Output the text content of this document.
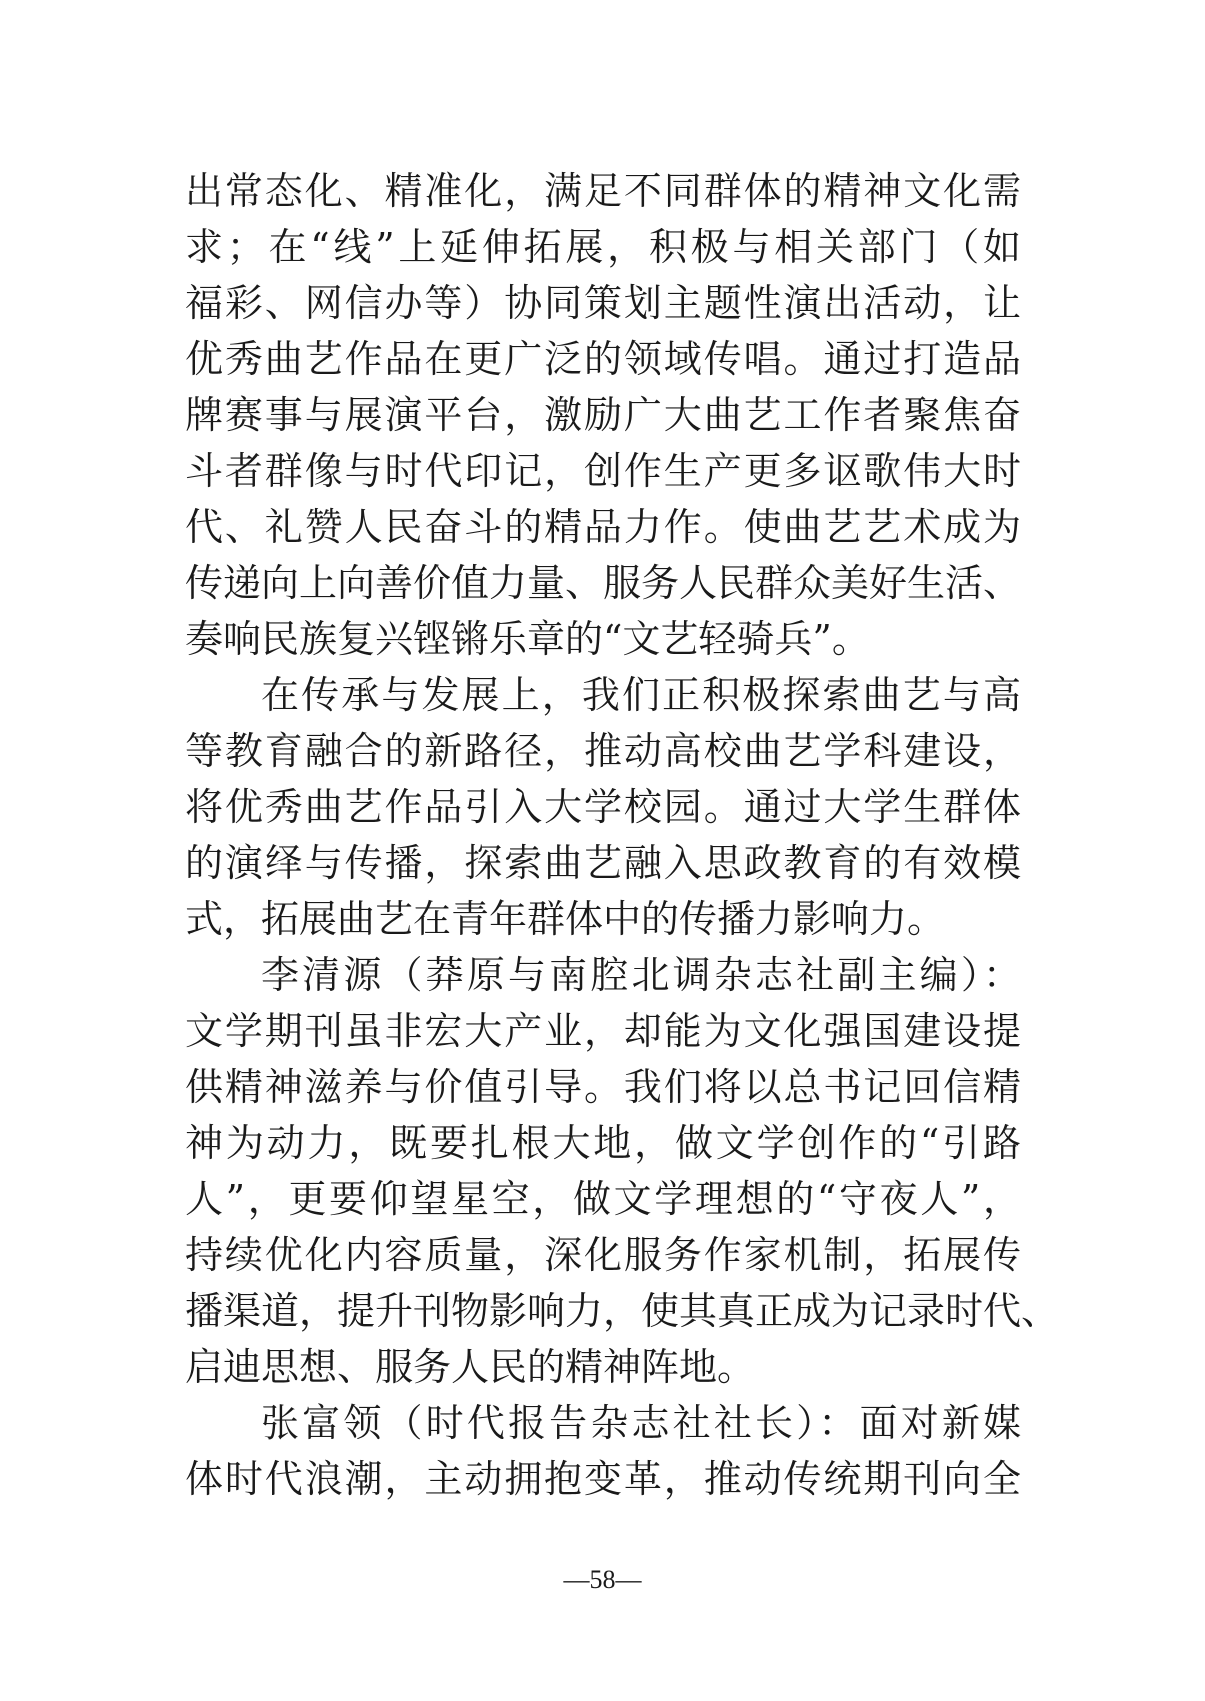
出常态化、精准化，满足不同群体的精神文化需
求；在“线”上延伸拓展，积极与相关部门（如
福彩、网信办等）协同策划主题性演出活动，让
优秀曲艺作品在更广泛的领域传唱。通过打造品
牌赛事与展演平台，激励广大曲艺工作者聚焦奋
斗者群像与时代印记，创作生产更多讴歌伟大时
代、礼赞人民奋斗的精品力作。使曲艺艺术成为
传递向上向善价值力量、服务人民群众美好生活、
奏响民族复兴铿锵乐章的“文艺轻骑兵”。
在传承与发展上，我们正积极探索曲艺与高
等教育融合的新路径，推动高校曲艺学科建设，
将优秀曲艺作品引入大学校园。通过大学生群体
的演绎与传播，探索曲艺融入思政教育的有效模
式，拓展曲艺在青年群体中的传播力影响力。
李清源（莽原与南腔北调杂志社副主编）：
文学期刊虽非宏大产业，却能为文化强国建设提
供精神滋养与价值引导。我们将以总书记回信精
神为动力，既要扎根大地，做文学创作的“引路
人”，更要仰望星空，做文学理想的“守夜人”，
持续优化内容质量，深化服务作家机制，拓展传
播渠道，提升刊物影响力，使其真正成为记录时代、
启迪思想、服务人民的精神阵地。
张富领（时代报告杂志社社长）：面对新媒
体时代浪潮，主动拥抱变革，推动传统期刊向全
—58—
